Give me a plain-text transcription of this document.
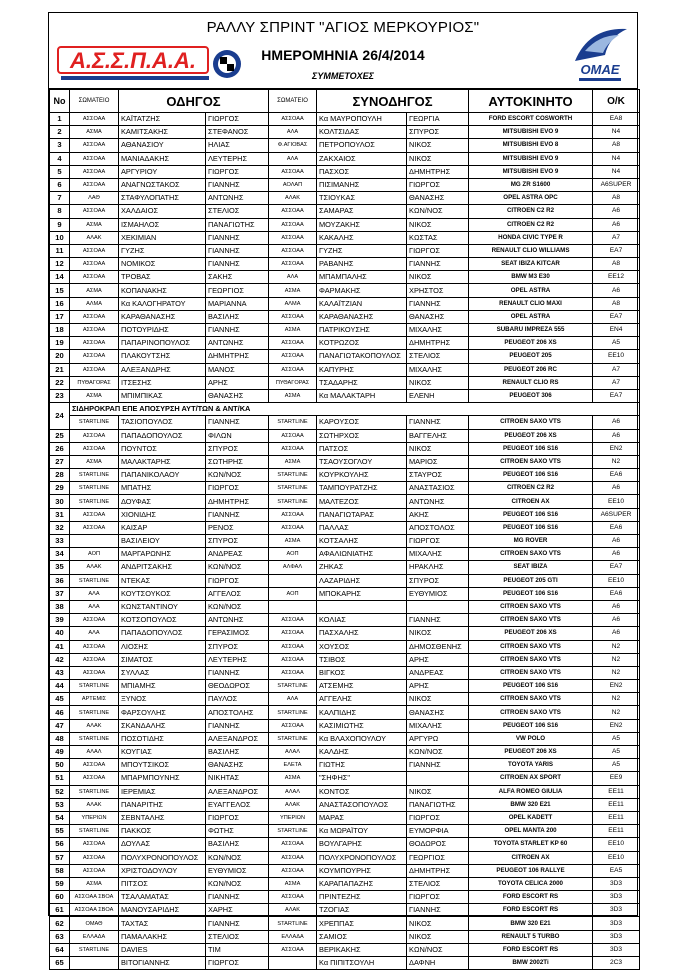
ΡΑΛΛΥ ΣΠΡΙΝΤ "ΑΓΙΟΣ ΜΕΡΚΟΥΡΙΟΣ"
ΗΜΕΡΟΜΗΝΙΑ 26/4/2014
ΣΥΜΜΕΤΟΧΕΣ
Α.Σ.Σ.Π.Α.Α.	ΟΜΑΕ
No	ΣΩΜΑΤΕΙΟ	ΟΔΗΓΟΣ		ΣΩΜΑΤΕΙΟ	ΣΥΝΟΔΗΓΟΣ		ΑΥΤΟΚΙΝΗΤΟ	Ο/Κ
1	ΑΣΣΟΑΑ	ΚΑΪΤΑΤΖΗΣ	ΓΙΩΡΓΟΣ	ΑΣΣΟΑΑ	Κα ΜΑΥΡΟΠΟΥΛΗ	ΓΕΩΡΓΙΑ	FORD ESCORT COSWORTH	EA8
2	ΑΣΜΑ	ΚΑΜΙΤΣΑΚΗΣ	ΣΤΕΦΑΝΟΣ	ΑΛΑ	ΚΟΛΤΣΙΔΑΣ	ΣΠΥΡΟΣ	MITSUBISHI EVO 9	N4
3	ΑΣΣΟΑΑ	ΑΘΑΝΑΣΙΟΥ	ΗΛΙΑΣ	Φ.ΑΓΙΟΒΑΣ	ΠΕΤΡΟΠΟΥΛΟΣ	ΝΙΚΟΣ	MITSUBISHI EVO 8	A8
4	ΑΣΣΟΑΑ	ΜΑΝΙΑΔΑΚΗΣ	ΛΕΥΤΕΡΗΣ	ΑΛΑ	ΖΑΚΧΑΙΟΣ	ΝΙΚΟΣ	MITSUBISHI EVO 9	N4
5	ΑΣΣΟΑΑ	ΑΡΓΥΡΙΟΥ	ΓΙΩΡΓΟΣ	ΑΣΣΟΑΑ	ΠΑΣΧΟΣ	ΔΗΜΗΤΡΗΣ	MITSUBISHI EVO 9	N4
6	ΑΣΣΟΑΑ	ΑΝΑΓΝΩΣΤΑΚΟΣ	ΓΙΑΝΝΗΣ	ΑΟΛΑΠ	ΠΙΣΙΜΑΝΗΣ	ΓΙΩΡΓΟΣ	MG ZR S1600	A6SUPER
7	ΛΑΘ	ΣΤΑΦΥΛΟΠΑΤΗΣ	ΑΝΤΩΝΗΣ	ΑΛΑΚ	ΤΣΙΟΥΚΑΣ	ΘΑΝΑΣΗΣ	OPEL ASTRA OPC	A8
8	ΑΣΣΟΑΑ	ΧΑΛΔΑΙΟΣ	ΣΤΕΛΙΟΣ	ΑΣΣΟΑΑ	ΣΑΜΑΡΑΣ	ΚΩΝ/ΝΟΣ	CITROEN C2 R2	A6
9	ΑΣΜΑ	ΙΣΜΑΗΛΟΣ	ΠΑΝΑΓΙΩΤΗΣ	ΑΣΣΟΑΑ	ΜΟΥΖΑΚΗΣ	ΝΙΚΟΣ	CITROEN C2 R2	A6
10	ΑΛΑΚ	ΧΕΚΙΜΙΑΝ	ΓΙΑΝΝΗΣ	ΑΣΣΟΑΑ	ΚΑΚΑΛΗΣ	ΚΩΣΤΑΣ	HONDA CIVIC TYPE R	A7
11	ΑΣΣΟΑΑ	ΓΥΖΗΣ	ΓΙΑΝΝΗΣ	ΑΣΣΟΑΑ	ΓΥΖΗΣ	ΓΙΩΡΓΟΣ	RENAULT CLIO WILLIAMS	EA7
12	ΑΣΣΟΑΑ	ΝΟΜΙΚΟΣ	ΓΙΑΝΝΗΣ	ΑΣΣΟΑΑ	ΡΑΒΑΝΗΣ	ΓΙΑΝΝΗΣ	SEAT IBIZA KITCAR	A8
14	ΑΣΣΟΑΑ	ΤΡΟΒΑΣ	ΣΑΚΗΣ	ΑΛΑ	ΜΠΑΜΠΑΛΗΣ	ΝΙΚΟΣ	BMW M3 E30	EE12
15	ΑΣΜΑ	ΚΟΠΑΝΑΚΗΣ	ΓΕΩΡΓΙΟΣ	ΑΣΜΑ	ΦΑΡΜΑΚΗΣ	ΧΡΗΣΤΟΣ	OPEL ASTRA	A6
16	ΑΛΜΑ	Κα ΚΑΛΟΓΗΡΑΤΟΥ	ΜΑΡΙΑΝΝΑ	ΑΛΜΑ	ΚΑΛΑΪΤΖΙΑΝ	ΓΙΑΝΝΗΣ	RENAULT CLIO MAXI	A8
17	ΑΣΣΟΑΑ	ΚΑΡΑΘΑΝΑΣΗΣ	ΒΑΣΙΛΗΣ	ΑΣΣΟΑΑ	ΚΑΡΑΘΑΝΑΣΗΣ	ΘΑΝΑΣΗΣ	OPEL ASTRA	EA7
18	ΑΣΣΟΑΑ	ΠΟΤΟΥΡΙΔΗΣ	ΓΙΑΝΝΗΣ	ΑΣΜΑ	ΠΑΤΡΙΚΟΥΣΗΣ	ΜΙΧΑΛΗΣ	SUBARU IMPREZA 555	EN4
19	ΑΣΣΟΑΑ	ΠΑΠΑΡΙΝΟΠΟΥΛΟΣ	ΑΝΤΩΝΗΣ	ΑΣΣΟΑΑ	ΚΟΤΡΩΖΟΣ	ΔΗΜΗΤΡΗΣ	PEUGEOT 206 XS	A5
20	ΑΣΣΟΑΑ	ΠΛΑΚΟΥΤΣΗΣ	ΔΗΜΗΤΡΗΣ	ΑΣΣΟΑΑ	ΠΑΝΑΓΙΩΤΑΚΟΠΟΥΛΟΣ	ΣΤΕΛΙΟΣ	PEUGEOT 205	EE10
21	ΑΣΣΟΑΑ	ΑΛΕΞΑΝΔΡΗΣ	ΜΑΝΟΣ	ΑΣΣΟΑΑ	ΚΑΠΥΡΗΣ	ΜΙΧΑΛΗΣ	PEUGEOT 206 RC	A7
22	ΠΥΘΑΓΟΡΑΣ	ΙΤΣΕΣΗΣ	ΑΡΗΣ	ΠΥΘΑΓΟΡΑΣ	ΤΣΑΔΑΡΗΣ	ΝΙΚΟΣ	RENAULT CLIO RS	A7
23	ΑΣΜΑ	ΜΠΙΜΠΙΚΑΣ	ΘΑΝΑΣΗΣ	ΑΣΜΑ	Κα ΜΑΛΑΚΤΑΡΗ	ΕΛΕΝΗ	PEUGEOT 306	EA7
24	ΣΙΔΗΡΟΚΡΑΠ ΕΠΕ ΑΠΟΣΥΡΣΗ ΑΥΤ/ΤΩΝ & ΑΝΤ/ΚΑ							
	STARTLINE	ΤΑΣΙΟΠΟΥΛΟΣ	ΓΙΑΝΝΗΣ	STARTLINE	ΚΑΡΟΥΣΟΣ	ΓΙΑΝΝΗΣ	CITROEN SAXO VTS	A6
25	ΑΣΣΟΑΑ	ΠΑΠΑΔΟΠΟΥΛΟΣ	ΦΙΛΩΝ	ΑΣΣΟΑΑ	ΣΩΤΗΡΧΟΣ	ΒΑΓΓΕΛΗΣ	PEUGEOT 206 XS	A6
26	ΑΣΣΟΑΑ	ΠΟΥΝΤΟΣ	ΣΠΥΡΟΣ	ΑΣΣΟΑΑ	ΠΑΤΣΟΣ	ΝΙΚΟΣ	PEUGEOT 106 S16	EN2
27	ΑΣΜΑ	ΜΑΛΑΚΤΑΡΗΣ	ΣΩΤΗΡΗΣ	ΑΣΜΑ	ΤΣΑΟΥΣΟΓΛΟΥ	ΜΑΡΙΟΣ	CITROEN SAXO VTS	N2
28	STARTLINE	ΠΑΠΑΝΙΚΟΛΑΟΥ	ΚΩΝ/ΝΟΣ	STARTLINE	ΚΟΥΡΚΟΥΛΗΣ	ΣΤΑΥΡΟΣ	PEUGEOT 106 S16	EA6
29	STARTLINE	ΜΠΑΤΗΣ	ΓΙΩΡΓΟΣ	STARTLINE	ΤΑΜΠΟΥΡΑΤΖΗΣ	ΑΝΑΣΤΑΣΙΟΣ	CITROEN C2 R2	A6
30	STARTLINE	ΔΟΥΦΑΣ	ΔΗΜΗΤΡΗΣ	STARTLINE	ΜΑΛΤΕΖΟΣ	ΑΝΤΩΝΗΣ	CITROEN AX	EE10
31	ΑΣΣΟΑΑ	ΧΙΟΝΙΔΗΣ	ΓΙΑΝΝΗΣ	ΑΣΣΟΑΑ	ΠΑΝΑΓΙΩΤΑΡΑΣ	ΑΚΗΣ	PEUGEOT 106 S16	A6SUPER
32	ΑΣΣΟΑΑ	ΚΑΙΣΑΡ	ΡΕΝΟΣ	ΑΣΣΟΑΑ	ΠΑΛΛΑΣ	ΑΠΟΣΤΟΛΟΣ	PEUGEOT 106 S16	EA6
33		ΒΑΣΙΛΕΙΟΥ	ΣΠΥΡΟΣ	ΑΣΜΑ	ΚΟΤΣΑΛΗΣ	ΓΙΩΡΓΟΣ	MG ROVER	A6
34	ΑΟΠ	ΜΑΡΓΑΡΩΝΗΣ	ΑΝΔΡΕΑΣ	ΑΟΠ	ΑΦΑΛΙΩΝΙΑΤΗΣ	ΜΙΧΑΛΗΣ	CITROEN SAXO VTS	A6
35	ΑΛΑΚ	ΑΝΔΡΙΤΣΑΚΗΣ	ΚΩΝ/ΝΟΣ	ΑΛΦΑΛ	ΖΗΚΑΣ	ΗΡΑΚΛΗΣ	SEAT IBIZA	EA7
36	STARTLINE	ΝΤΕΚΑΣ	ΓΙΩΡΓΟΣ		ΛΑΖΑΡΙΔΗΣ	ΣΠΥΡΟΣ	PEUGEOT 205 GTI	EE10
37	ΑΛΑ	ΚΟΥΤΣΟΥΚΟΣ	ΑΓΓΕΛΟΣ	ΑΟΠ	ΜΠΟΚΑΡΗΣ	ΕΥΘΥΜΙΟΣ	PEUGEOT 106 S16	EA6
38	ΑΛΑ	ΚΩΝΣΤΑΝΤΙΝΟΥ	ΚΩΝ/ΝΟΣ				CITROEN SAXO VTS	A6
39	ΑΣΣΟΑΑ	ΚΟΤΣΟΠΟΥΛΟΣ	ΑΝΤΩΝΗΣ	ΑΣΣΟΑΑ	ΚΟΛΙΑΣ	ΓΙΑΝΝΗΣ	CITROEN SAXO VTS	A6
40	ΑΛΑ	ΠΑΠΑΔΟΠΟΥΛΟΣ	ΓΕΡΑΣΙΜΟΣ	ΑΣΣΟΑΑ	ΠΑΣΧΑΛΗΣ	ΝΙΚΟΣ	PEUGEOT 206 XS	A6
41	ΑΣΣΟΑΑ	ΛΙΟΣΗΣ	ΣΠΥΡΟΣ	ΑΣΣΟΑΑ	ΧΟΥΣΟΣ	ΔΗΜΟΣΘΕΝΗΣ	CITROEN SAXO VTS	N2
42	ΑΣΣΟΑΑ	ΣΙΜΑΤΟΣ	ΛΕΥΤΕΡΗΣ	ΑΣΣΟΑΑ	ΤΣΙΒΟΣ	ΑΡΗΣ	CITROEN SAXO VTS	N2
43	ΑΣΣΟΑΑ	ΣΥΛΛΑΣ	ΓΙΑΝΝΗΣ	ΑΣΣΟΑΑ	ΒΙΓΚΟΣ	ΑΝΔΡΕΑΣ	CITROEN SAXO VTS	N2
44	STARTLINE	ΜΠΙΑΜΗΣ	ΘΕΟΔΩΡΟΣ	STARTLINE	ΑΤΣΕΜΗΣ	ΑΡΗΣ	PEUGEOT 106 S16	EN2
45	ΑΡΤΕΜΙΣ	ΞΥΝΟΣ	ΠΑΥΛΟΣ	ΑΛΑ	ΑΓΓΕΛΗΣ	ΝΙΚΟΣ	CITROEN SAXO VTS	N2
46	STARTLINE	ΦΑΡΣΟΥΛΗΣ	ΑΠΟΣΤΟΛΗΣ	STARTLINE	ΚΑΛΠΙΔΗΣ	ΘΑΝΑΣΗΣ	CITROEN SAXO VTS	N2
47	ΑΛΑΚ	ΣΚΑΝΔΑΛΗΣ	ΓΙΑΝΝΗΣ	ΑΣΣΟΑΑ	ΚΑΣΙΜΙΩΤΗΣ	ΜΙΧΑΛΗΣ	PEUGEOT 106 S16	EN2
48	STARTLINE	ΠΟΣΟΤΙΔΗΣ	ΑΛΕΞΑΝΔΡΟΣ	STARTLINE	Κα ΒΛΑΧΟΠΟΥΛΟΥ	ΑΡΓΥΡΩ	VW POLO	A5
49	ΑΛΑΛ	ΚΟΥΓΙΑΣ	ΒΑΣΙΛΗΣ	ΑΛΑΛ	ΚΑΛΔΗΣ	ΚΩΝ/ΝΟΣ	PEUGEOT 206 XS	A5
50	ΑΣΣΟΑΑ	ΜΠΟΥΤΣΙΚΟΣ	ΘΑΝΑΣΗΣ	ΕΛΕΤΑ	ΓΙΩΤΗΣ	ΓΙΑΝΝΗΣ	TOYOTA YARIS	A5
51	ΑΣΣΟΑΑ	ΜΠΑΡΜΠΟΥΝΗΣ	ΝΙΚΗΤΑΣ	ΑΣΜΑ	"ΣΗΦΗΣ"		CITROEN AX SPORT	EE9
52	STARTLINE	ΙΕΡΕΜΙΑΣ	ΑΛΕΞΑΝΔΡΟΣ	ΑΛΑΛ	ΚΟΝΤΟΣ	ΝΙΚΟΣ	ALFA ROMEO GIULIA	EE11
53	ΑΛΑΚ	ΠΑΝΑΡΙΤΗΣ	ΕΥΑΓΓΕΛΟΣ	ΑΛΑΚ	ΑΝΑΣΤΑΣΟΠΟΥΛΟΣ	ΠΑΝΑΓΙΩΤΗΣ	BMW 320 E21	EE11
54	ΥΠΕΡΙΩΝ	ΣΕΒΝΤΑΛΗΣ	ΓΙΩΡΓΟΣ	ΥΠΕΡΙΩΝ	ΜΑΡΑΣ	ΓΙΩΡΓΟΣ	OPEL KADETT	EE11
55	STARTLINE	ΠΑΚΚΟΣ	ΦΩΤΗΣ	STARTLINE	Κα ΜΩΡΑΪΤΟΥ	ΕΥΜΟΡΦΙΑ	OPEL MANTA 200	EE11
56	ΑΣΣΟΑΑ	ΔΟΥΛΑΣ	ΒΑΣΙΛΗΣ	ΑΣΣΟΑΑ	ΒΟΥΛΓΑΡΗΣ	ΘΟΔΩΡΟΣ	TOYOTA STARLET KP 60	EE10
57	ΑΣΣΟΑΑ	ΠΟΛΥΧΡΟΝΟΠΟΥΛΟΣ	ΚΩΝ/ΝΟΣ	ΑΣΣΟΑΑ	ΠΟΛΥΧΡΟΝΟΠΟΥΛΟΣ	ΓΕΩΡΓΙΟΣ	CITROEN AX	EE10
58	ΑΣΣΟΑΑ	ΧΡΙΣΤΟΔΟΥΛΟΥ	ΕΥΘΥΜΙΟΣ	ΑΣΣΟΑΑ	ΚΟΥΜΠΟΥΡΗΣ	ΔΗΜΗΤΡΗΣ	PEUGEOT 106 RALLYE	EA5
59	ΑΣΜΑ	ΠΙΤΣΟΣ	ΚΩΝ/ΝΟΣ	ΑΣΜΑ	ΚΑΡΑΠΑΠΑΖΗΣ	ΣΤΕΛΙΟΣ	TOYOTA CELICA 2000	3D3
60	ΑΣΣΟΑΑ ΣΒΟΑ	ΤΣΑΛΑΜΑΤΑΣ	ΓΙΑΝΝΗΣ	ΑΣΣΟΑΑ	ΠΡΙΝΤΕΖΗΣ	ΓΙΩΡΓΟΣ	FORD ESCORT RS	3D3
61	ΑΣΣΟΑΑ ΣΒΟΑ	ΜΑΝΟΥΣΑΡΙΔΗΣ	ΧΑΡΗΣ	ΑΛΑΚ	ΤΖΟΓΙΑΣ	ΓΙΑΝΝΗΣ	FORD ESCORT RS	3D3
62	ΟΜΑΘ	ΤΑΧΤΑΣ	ΓΙΑΝΝΗΣ	STARTLINE	ΧΡΕΠΠΑΣ	ΝΙΚΟΣ	BMW 320 E21	3D3
63	ΕΛΛΑΔΑ	ΠΑΜΑΛΑΚΗΣ	ΣΤΕΛΙΟΣ	ΕΛΛΑΔΑ	ΣΑΜΙΟΣ	ΝΙΚΟΣ	RENAULT 5 TURBO	3D3
64	STARTLINE	DAVIES	TIM	ΑΣΣΟΑΑ	ΒΕΡΙΚΑΚΗΣ	ΚΩΝ/ΝΟΣ	FORD ESCORT RS	3D3
65		ΒΙΤΟΓΙΑΝΝΗΣ	ΓΙΩΡΓΟΣ		Κα ΠΙΠΙΤΣΟΥΛΗ	ΔΑΦΝΗ	BMW 2002Ti	2C3
